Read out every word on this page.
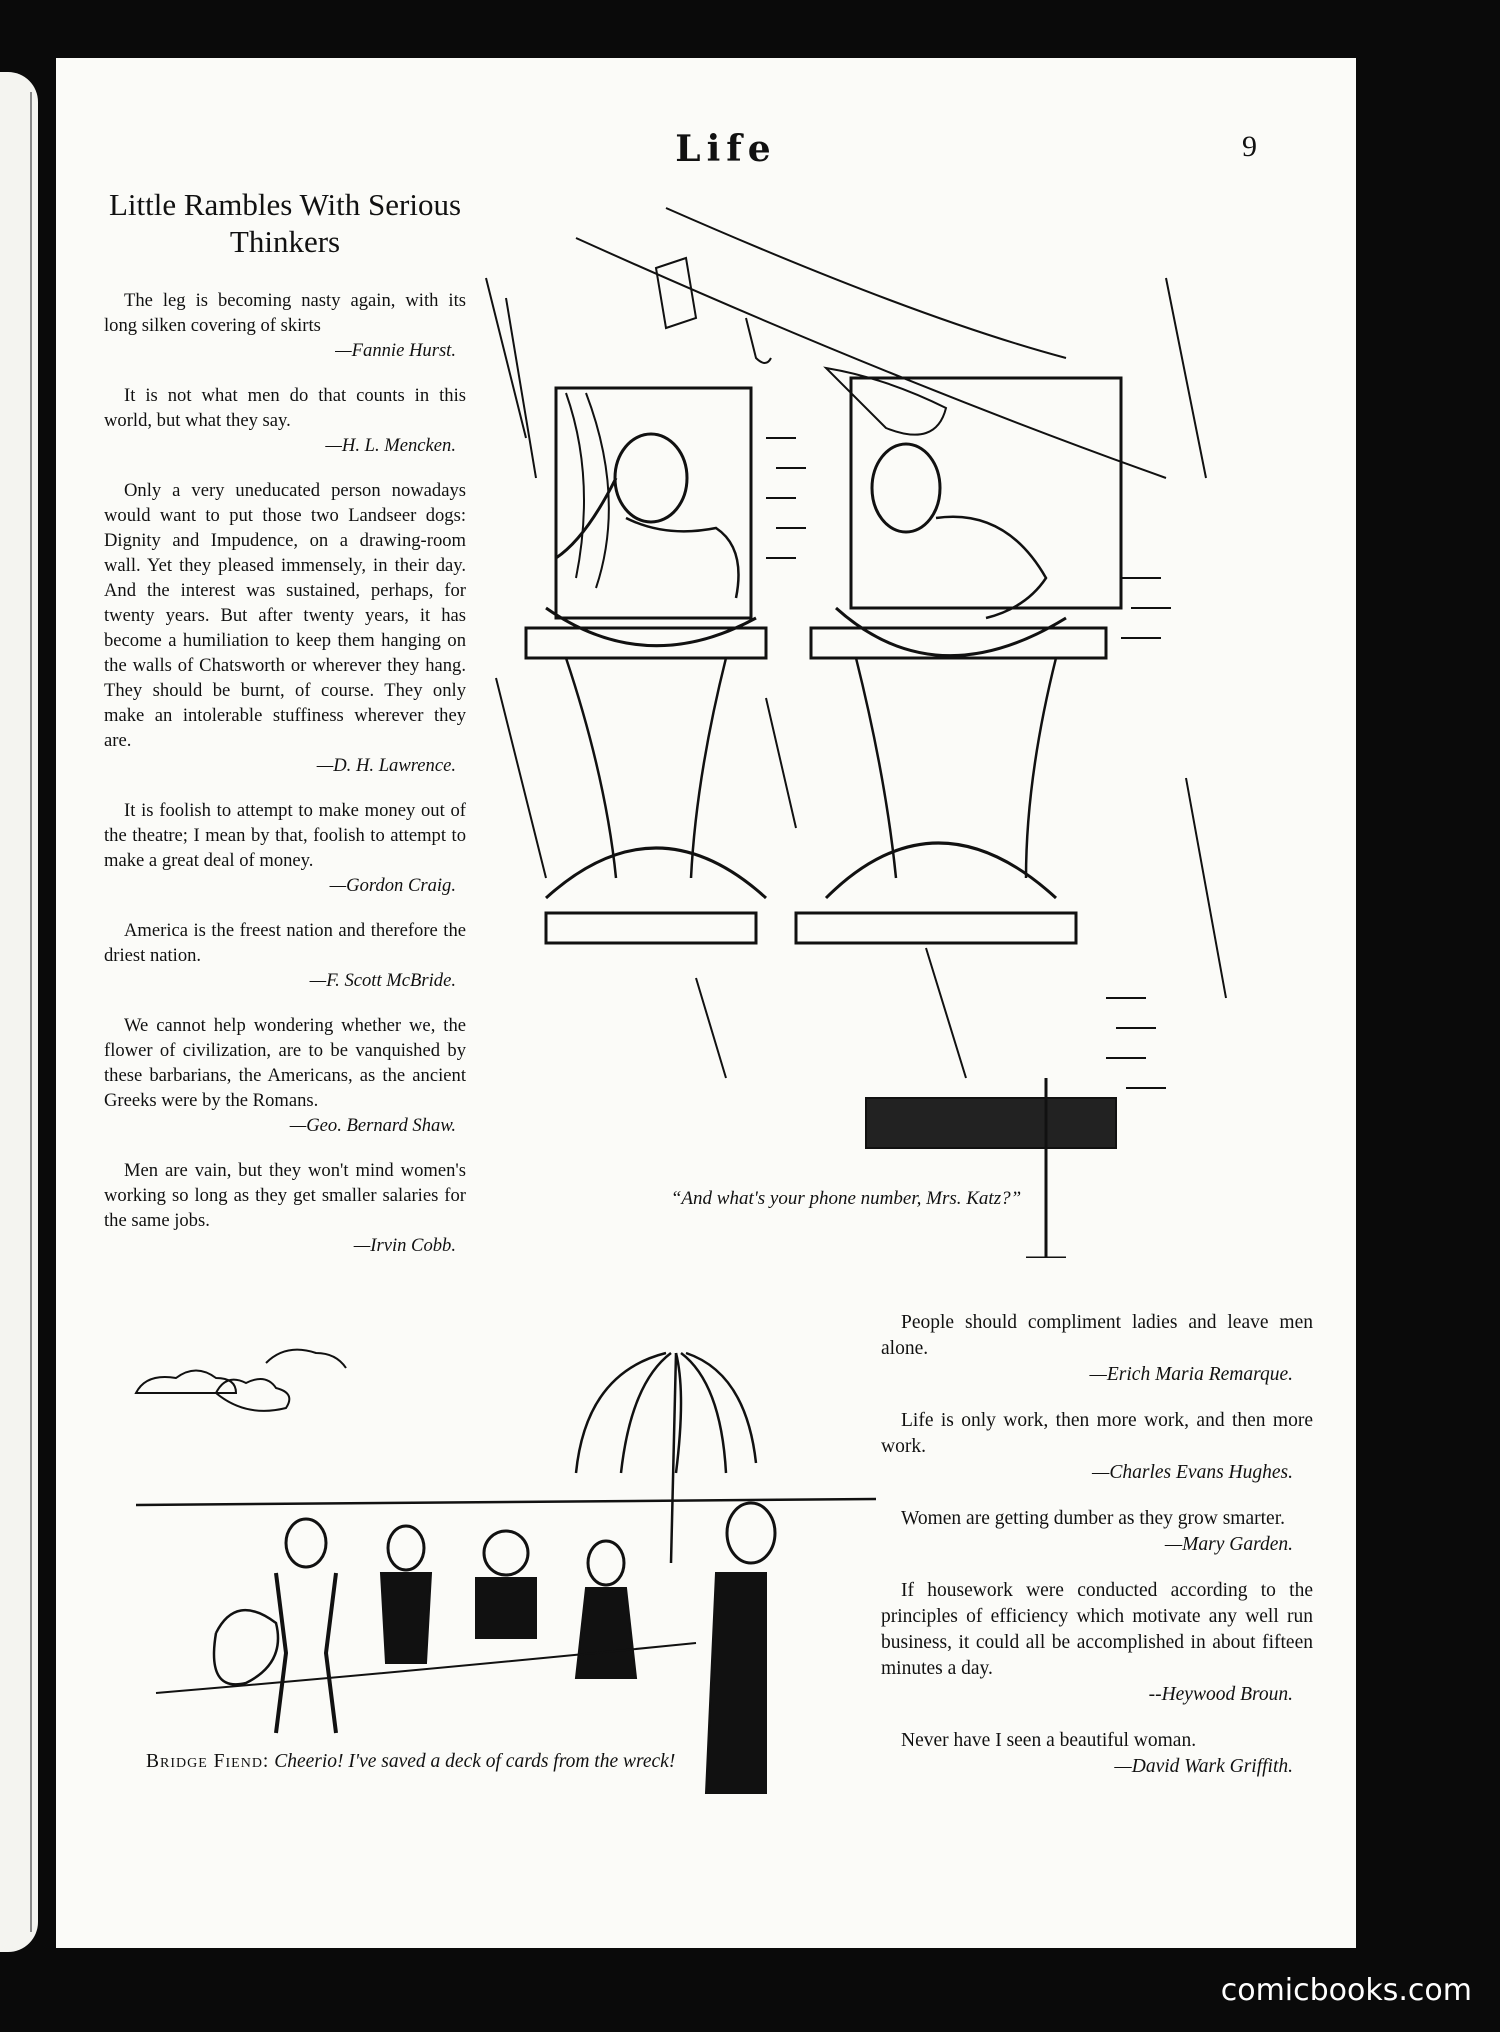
Life	9
Little Rambles With Serious Thinkers
The leg is becoming nasty again, with its long silken covering of skirts
—Fannie Hurst.
It is not what men do that counts in this world, but what they say.
—H. L. Mencken.
Only a very uneducated person nowadays would want to put those two Landseer dogs: Dignity and Impudence, on a drawing-room wall. Yet they pleased immensely, in their day. And the interest was sustained, perhaps, for twenty years. But after twenty years, it has become a humiliation to keep them hanging on the walls of Chatsworth or wherever they hang. They should be burnt, of course. They only make an intolerable stuffiness wherever they are.
—D. H. Lawrence.
It is foolish to attempt to make money out of the theatre; I mean by that, foolish to attempt to make a great deal of money.
—Gordon Craig.
America is the freest nation and therefore the driest nation.
—F. Scott McBride.
We cannot help wondering whether we, the flower of civilization, are to be vanquished by these barbarians, the Americans, as the ancient Greeks were by the Romans.
—Geo. Bernard Shaw.
Men are vain, but they won't mind women's working so long as they get smaller salaries for the same jobs.
—Irvin Cobb.
“And what's your phone number, Mrs. Katz?”
Bridge Fiend: Cheerio! I've saved a deck of cards from the wreck!
People should compliment ladies and leave men alone.
—Erich Maria Remarque.
Life is only work, then more work, and then more work.
—Charles Evans Hughes.
Women are getting dumber as they grow smarter.
—Mary Garden.
If housework were conducted according to the principles of efficiency which motivate any well run business, it could all be accomplished in about fifteen minutes a day.
--Heywood Broun.
Never have I seen a beautiful woman.
—David Wark Griffith.
comicbooks.com
